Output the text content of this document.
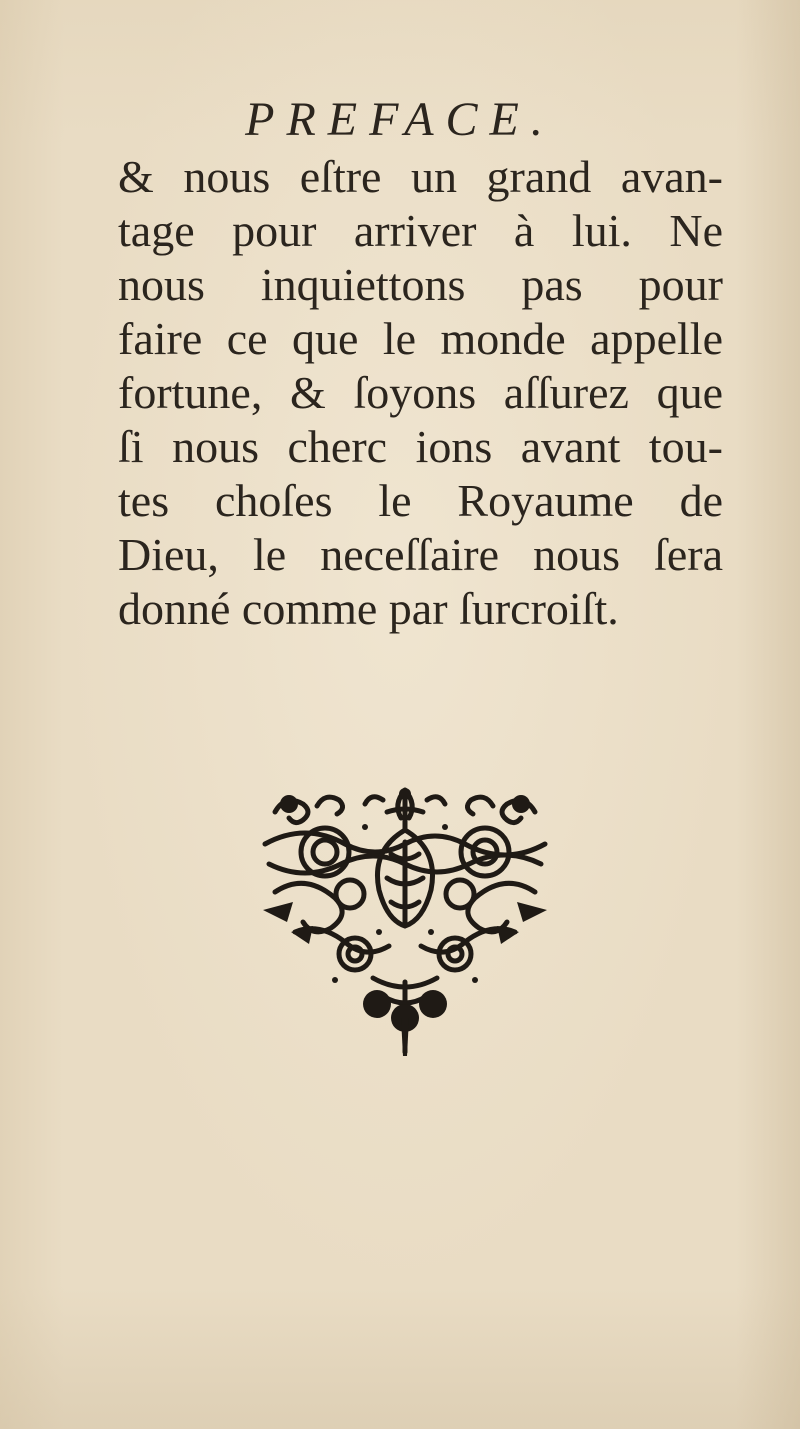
PREFACE.
& nous eſtre un grand avan-
tage pour arriver à lui. Ne
nous inquiettons pas pour
faire ce que le monde appelle
fortune, & ſoyons aſſurez que
ſi nous cherc ions avant tou-
tes choſes le Royaume de
Dieu, le neceſſaire nous ſera
donné comme par ſurcroiſt.
